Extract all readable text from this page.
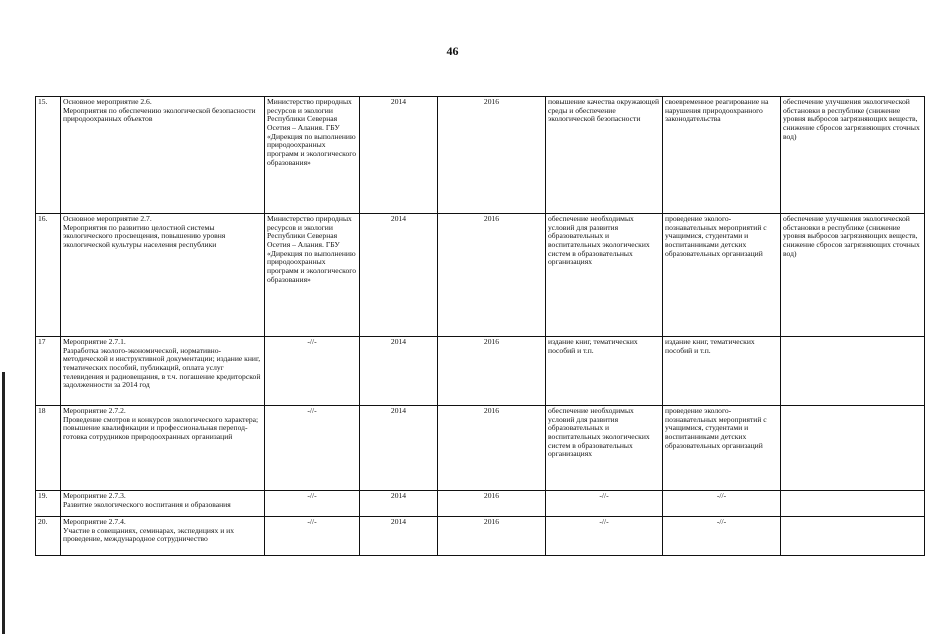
46
15.	Основное мероприятие 2.6.
Мероприятия по обеспечению экологической безопасности природоохранных объектов	Министерство природных ресурсов и экологии Республики Северная Осетия – Алания. ГБУ «Дирекция по выполнению природоохранных программ и экологического образования»	2014	2016	повышение качества окружающей среды и обеспечение экологической безопасности	своевременное реагирование на нарушения природоохранного законодательства	обеспечение улучшения экологической обстановки в республике (снижение уровня выбросов загрязняющих веществ, снижение сбросов загрязняющих сточных вод)
16.	Основное мероприятие 2.7.
Мероприятия по развитию целостной системы экологического просвещения, повышению уровня экологической культуры населения республики	Министерство природных ресурсов и экологии Республики Северная Осетия – Алания. ГБУ «Дирекция по выполнению природоохранных программ и экологического образования»	2014	2016	обеспечение необходимых условий для развития образовательных и воспитательных экологических систем в образовательных организациях	проведение эколого-познавательных мероприятий с учащимися, студентами и воспитанниками детских образовательных организаций	обеспечение улучшения экологической обстановки в республике (снижение уровня выбросов загрязняющих веществ, снижение сбросов загрязняющих сточных вод)
17	Мероприятие 2.7.1.
Разработка эколого-экономической, нормативно-методической и инструктивной документации; издание книг, тематических пособий, публикаций, оплата услуг телевидения и радиовещания, в т.ч. погашение кредиторской задолженности за 2014 год	-//-	2014	2016	издание книг, тематических пособий и т.п.	издание книг, тематических пособий и т.п.	
18	Мероприятие 2.7.2.
Проведение смотров и конкурсов экологического характера; повышение квалификации и профессиональная перепод-готовка сотрудников природоохранных организаций	-//-	2014	2016	обеспечение необходимых условий для развития образовательных и воспитательных экологических систем в образовательных организациях	проведение эколого-познавательных мероприятий с учащимися, студентами и воспитанниками детских образовательных организаций	
19.	Мероприятие 2.7.3.
Развитие экологического воспитания и образования	-//-	2014	2016	-//-	-//-	
20.	Мероприятие 2.7.4.
Участие в совещаниях, семинарах, экспедициях и их проведение, международное сотрудничество	-//-	2014	2016	-//-	-//-	
